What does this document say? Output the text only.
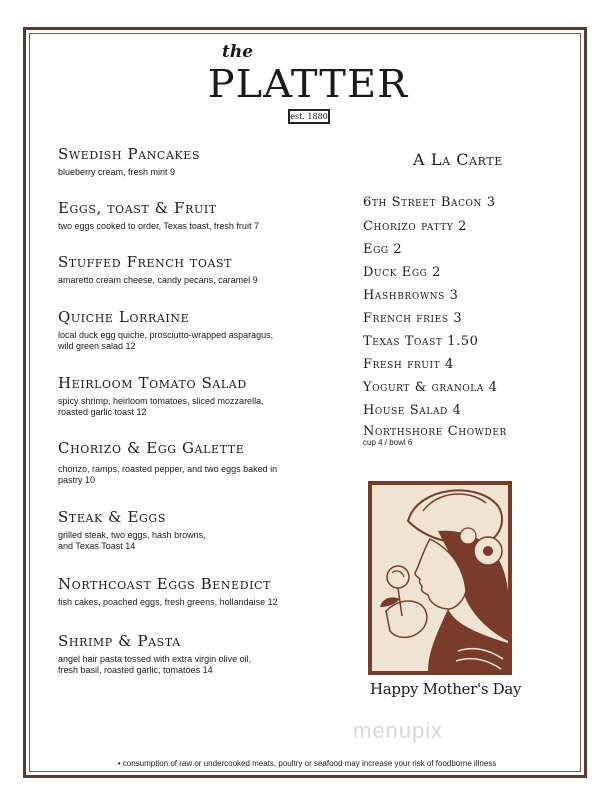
the
PLATTER
est. 1880
Swedish Pancakes
blueberry cream, fresh mint 9
Eggs, toast & Fruit
two eggs cooked to order, Texas toast, fresh fruit 7
Stuffed French toast
amaretto cream cheese, candy pecans, caramel 9
Quiche Lorraine
local duck egg quiche, prosciutto-wrapped asparagus,
wild green salad 12
Heirloom Tomato Salad
spicy shrimp, heirloom tomatoes, sliced mozzarella,
roasted garlic toast 12
Chorizo & Egg Galette
chorizo, ramps, roasted pepper, and two eggs baked in
pastry 10
Steak & Eggs
grilled steak, two eggs, hash browns,
and Texas Toast 14
Northcoast Eggs Benedict
fish cakes, poached eggs, fresh greens, hollandaise 12
Shrimp & Pasta
angel hair pasta tossed with extra virgin olive oil,
fresh basil, roasted garlic, tomatoes 14
A La Carte
6th Street Bacon 3
Chorizo patty 2
Egg 2
Duck Egg 2
Hashbrowns 3
French fries 3
Texas Toast 1.50
Fresh fruit 4
Yogurt & granola 4
House Salad 4
Northshore Chowder
cup 4 / bowl 6
Happy Mother's Day
menupix
• consumption of raw or undercooked meats, poultry or seafood may increase your risk of foodborne illness
